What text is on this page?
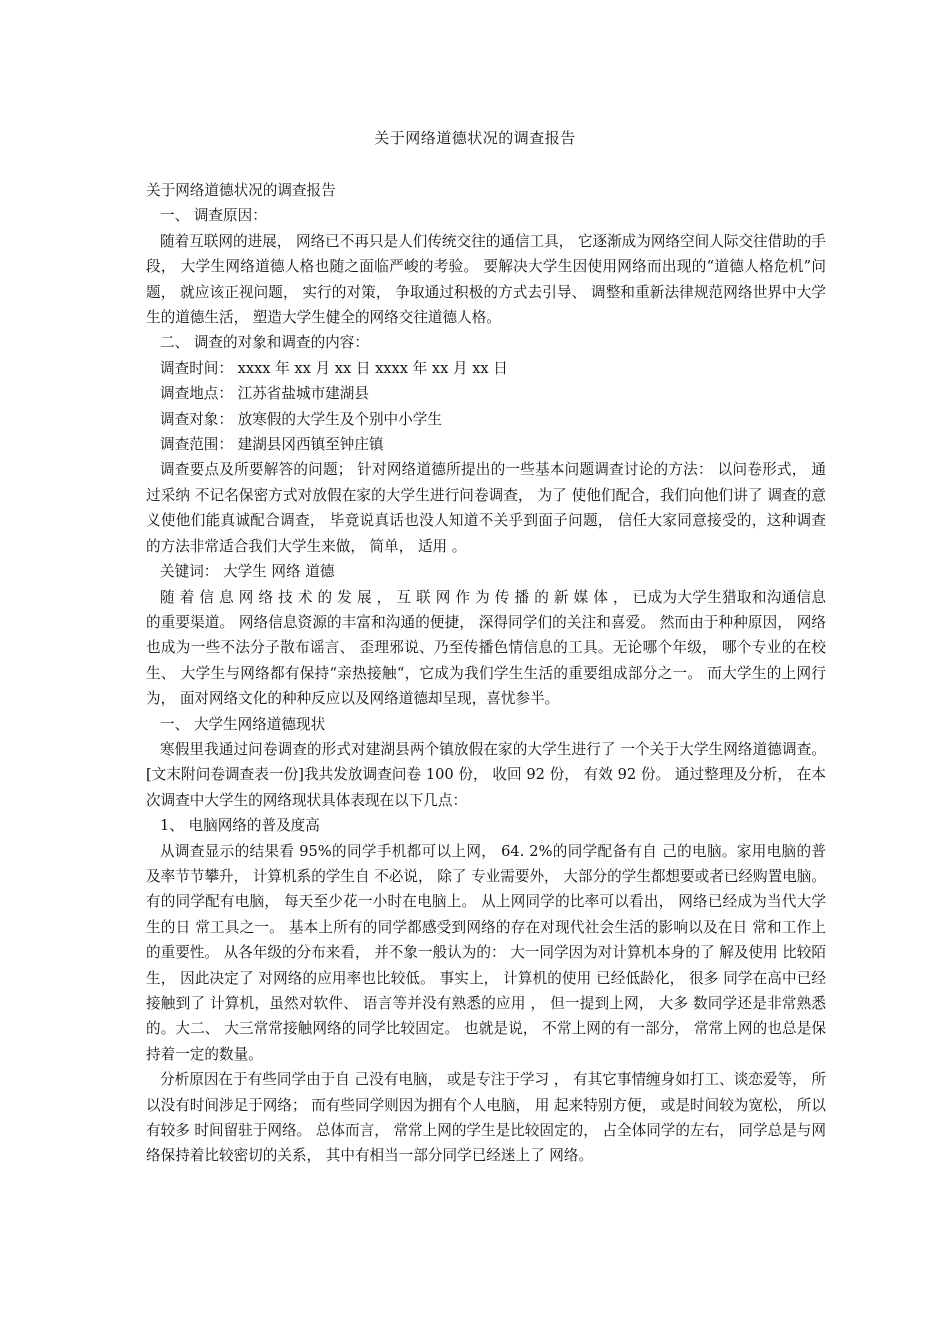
关于网络道德状况的调查报告

关于网络道德状况的调查报告

一、 调查原因：

随着互联网的进展， 网络已不再只是人们传统交往的通信工具， 它逐渐成为网络空间人际交往借助的手段， 大学生网络道德人格也随之面临严峻的考验。 要解决大学生因使用网络而出现的“道德人格危机”问题， 就应该正视问题， 实行的对策， 争取通过积极的方式去引导、 调整和重新法律规范网络世界中大学生的道德生活， 塑造大学生健全的网络交往道德人格。

二、 调查的对象和调查的内容：

调查时间： xxxx 年 xx 月 xx 日 xxxx 年 xx 月 xx 日

调查地点： 江苏省盐城市建湖县

调查对象： 放寒假的大学生及个别中小学生

调查范围： 建湖县冈西镇至钟庄镇

调查要点及所要解答的问题； 针对网络道德所提出的一些基本问题调查讨论的方法： 以问卷形式， 通过采纳 不记名保密方式对放假在家的大学生进行问卷调查， 为了 使他们配合，我们向他们讲了 调查的意义使他们能真诚配合调查， 毕竟说真话也没人知道不关乎到面子问题， 信任大家同意接受的，这种调查的方法非常适合我们大学生来做， 简单， 适用 。

关键词： 大学生 网络 道德

随着信息网络技术的发展，互联网作为传播的新媒体，已成为大学生猎取和沟通信息的重要渠道。 网络信息资源的丰富和沟通的便捷， 深得同学们的关注和喜爱。 然而由于种种原因， 网络也成为一些不法分子散布谣言、 歪理邪说、乃至传播色情信息的工具。无论哪个年级， 哪个专业的在校生、 大学生与网络都有保持“亲热接触“，它成为我们学生生活的重要组成部分之一。 而大学生的上网行为， 面对网络文化的种种反应以及网络道德却呈现，喜忧参半。

一、 大学生网络道德现状

寒假里我通过问卷调查的形式对建湖县两个镇放假在家的大学生进行了 一个关于大学生网络道德调查。 [文末附问卷调查表一份]我共发放调查问卷 100 份， 收回 92 份， 有效 92 份。 通过整理及分析， 在本次调查中大学生的网络现状具体表现在以下几点：

1、 电脑网络的普及度高

从调查显示的结果看 95%的同学手机都可以上网， 64. 2%的同学配备有自 己的电脑。家用电脑的普及率节节攀升， 计算机系的学生自 不必说， 除了 专业需要外， 大部分的学生都想要或者已经购置电脑。 有的同学配有电脑， 每天至少花一小时在电脑上。 从上网同学的比率可以看出， 网络已经成为当代大学生的日 常工具之一。 基本上所有的同学都感受到网络的存在对现代社会生活的影响以及在日 常和工作上的重要性。 从各年级的分布来看， 并不象一般认为的： 大一同学因为对计算机本身的了 解及使用 比较陌生， 因此决定了 对网络的应用率也比较低。 事实上， 计算机的使用 已经低龄化， 很多 同学在高中已经接触到了 计算机，虽然对软件、 语言等并没有熟悉的应用 ， 但一提到上网， 大多 数同学还是非常熟悉的。大二、 大三常常接触网络的同学比较固定。 也就是说， 不常上网的有一部分， 常常上网的也总是保持着一定的数量。

分析原因在于有些同学由于自 己没有电脑， 或是专注于学习 ， 有其它事情缠身如打工、谈恋爱等， 所以没有时间涉足于网络； 而有些同学则因为拥有个人电脑， 用 起来特别方便， 或是时间较为宽松， 所以有较多 时间留驻于网络。 总体而言， 常常上网的学生是比较固定的， 占全体同学的左右， 同学总是与网络保持着比较密切的关系， 其中有相当一部分同学已经迷上了 网络。
